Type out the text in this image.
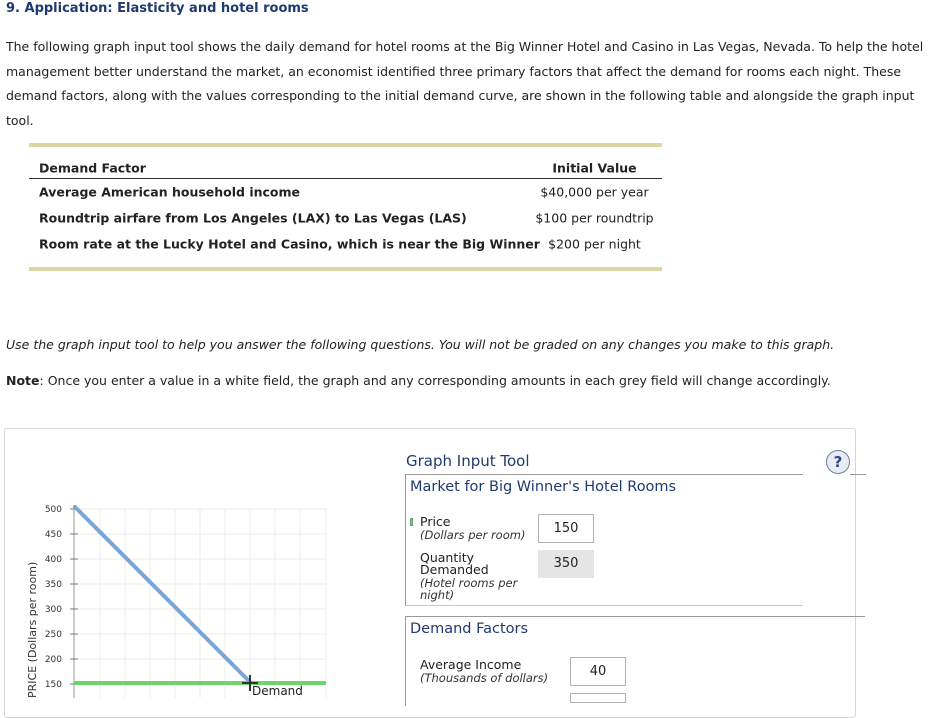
9. Application: Elasticity and hotel rooms

The following graph input tool shows the daily demand for hotel rooms at the Big Winner Hotel and Casino in Las Vegas, Nevada. To help the hotel management better understand the market, an economist identified three primary factors that affect the demand for rooms each night. These demand factors, along with the values corresponding to the initial demand curve, are shown in the following table and alongside the graph input tool.

Demand Factor	Initial Value
Average American household income	$40,000 per year
Roundtrip airfare from Los Angeles (LAX) to Las Vegas (LAS)	$100 per roundtrip
Room rate at the Lucky Hotel and Casino, which is near the Big Winner $200 per night
Use the graph input tool to help you answer the following questions. You will not be graded on any changes you make to this graph.
Note: Once you enter a value in a white field, the graph and any corresponding amounts in each grey field will change accordingly.
500
450
400
350
300
250
200
150
PRICE (Dollars per room)	Demand
Graph Input Tool	?
Market for Big Winner's Hotel Rooms
Price
(Dollars per room)	150
Quantity
Demanded
(Hotel rooms per
night)
350
Demand Factors
Average Income
(Thousands of dollars)	40
